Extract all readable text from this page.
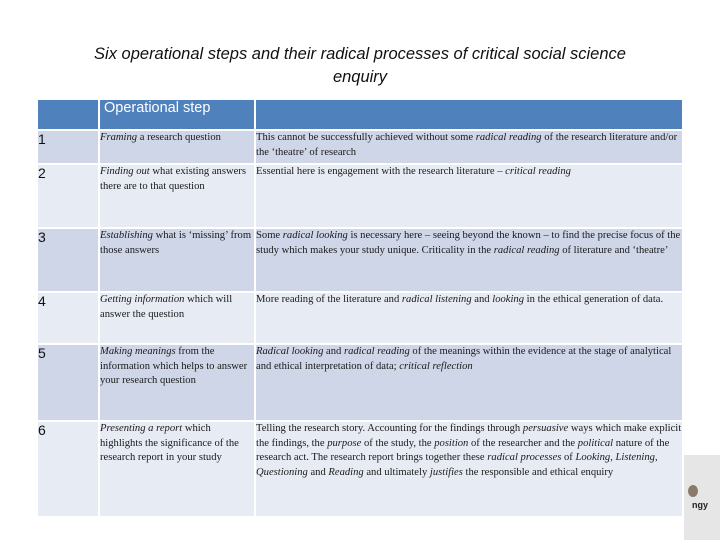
Six operational steps and their radical processes of critical social science
enquiry
	Operational step	
1	Framing a research question	This cannot be successfully achieved without some radical reading of the research literature and/or the ‘theatre’ of research
2	Finding out what existing answers there are to that question	Essential here is engagement with the research literature – critical reading
3	Establishing what is ‘missing’ from those answers	Some radical looking is necessary here – seeing beyond the known – to find the precise focus of the study which makes your study unique. Criticality in the radical reading of literature and ‘theatre’
4	Getting information which will answer the question	More reading of the literature and radical listening and looking in the ethical generation of data.
5	Making meanings from the information which helps to answer your research question	Radical looking and radical reading of the meanings within the evidence at the stage of analytical and ethical interpretation of data; critical reflection
6	Presenting a report which highlights the significance of the research report in your study	Telling the research story. Accounting for the findings through persuasive ways which make explicit the findings, the purpose of the study, the position of the researcher and the political nature of the research act. The research report brings together these radical processes of Looking, Listening, Questioning and Reading and ultimately justifies the responsible and ethical enquiry
ngy
